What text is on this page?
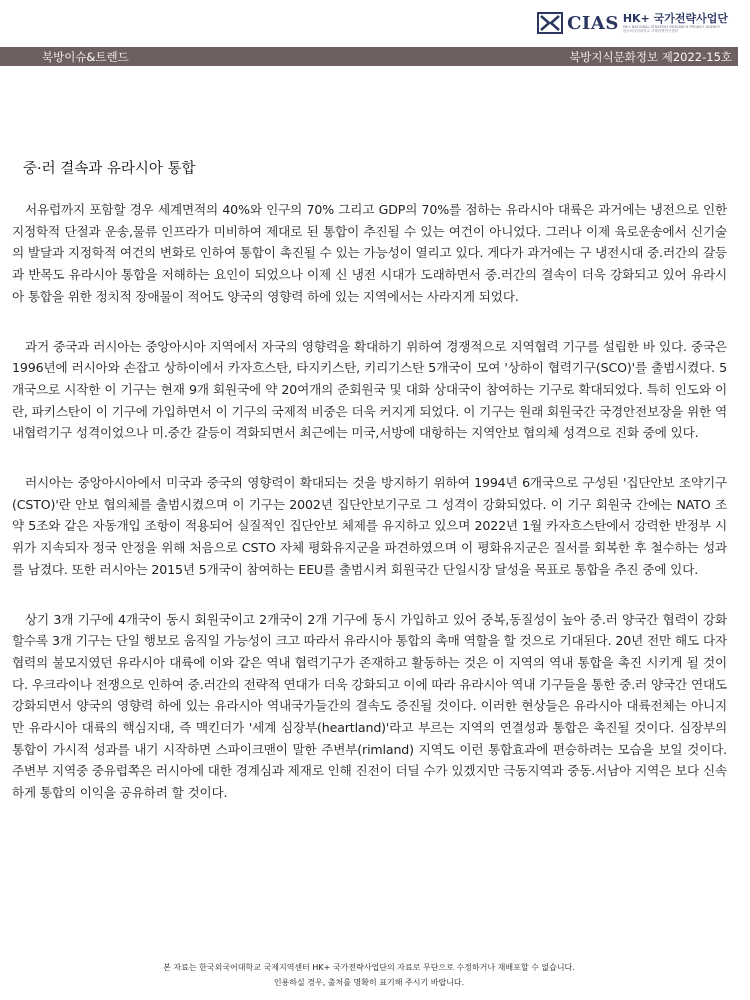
CIAS HK+ 국가전략사업단
HK+ NATIONAL STRATEGY RESEARCH PROJECT AGENCY
한국외국어대학교 국제지역연구센터
북방이슈&트렌드	북방지식문화정보 제2022-15호
중·러 결속과 유라시아 통합

서유럽까지 포함할 경우 세계면적의 40%와 인구의 70% 그리고 GDP의 70%를 점하는 유라시아 대륙은 과거에는 냉전으로 인한 지정학적 단절과 운송,물류 인프라가 미비하여 제대로 된 통합이 추진될 수 있는 여건이 아니었다. 그러나 이제 육로운송에서 신기술의 발달과 지정학적 여건의 변화로 인하여 통합이 촉진될 수 있는 가능성이 열리고 있다. 게다가 과거에는 구 냉전시대 중.러간의 갈등과 반목도 유라시아 통합을 저해하는 요인이 되었으나 이제 신 냉전 시대가 도래하면서 중.러간의 결속이 더욱 강화되고 있어 유라시아 통합을 위한 정치적 장애물이 적어도 양국의 영향력 하에 있는 지역에서는 사라지게 되었다.

과거 중국과 러시아는 중앙아시아 지역에서 자국의 영향력을 확대하기 위하여 경쟁적으로 지역협력 기구를 설립한 바 있다. 중국은 1996년에 러시아와 손잡고 상하이에서 카자흐스탄, 타지키스탄, 키리기스탄 5개국이 모여 '상하이 협력기구(SCO)'를 출범시켰다. 5개국으로 시작한 이 기구는 현재 9개 회원국에 약 20여개의 준회원국 및 대화 상대국이 참여하는 기구로 확대되었다. 특히 인도와 이란, 파키스탄이 이 기구에 가입하면서 이 기구의 국제적 비중은 더욱 커지게 되었다. 이 기구는 원래 회원국간 국경안전보장을 위한 역내협력기구 성격이었으나 미.중간 갈등이 격화되면서 최근에는 미국,서방에 대항하는 지역안보 협의체 성격으로 진화 중에 있다.

러시아는 중앙아시아에서 미국과 중국의 영향력이 확대되는 것을 방지하기 위하여 1994년 6개국으로 구성된 '집단안보 조약기구(CSTO)'란 안보 협의체를 출범시켰으며 이 기구는 2002년 집단안보기구로 그 성격이 강화되었다. 이 기구 회원국 간에는 NATO 조약 5조와 같은 자동개입 조항이 적용되어 실질적인 집단안보 체제를 유지하고 있으며 2022년 1월 카자흐스탄에서 강력한 반정부 시위가 지속되자 정국 안정을 위해 처음으로 CSTO 자체 평화유지군을 파견하였으며 이 평화유지군은 질서를 회복한 후 철수하는 성과를 남겼다. 또한 러시아는 2015년 5개국이 참여하는 EEU를 출범시켜 회원국간 단일시장 달성을 목표로 통합을 추진 중에 있다.

상기 3개 기구에 4개국이 동시 회원국이고 2개국이 2개 기구에 동시 가입하고 있어 중복,동질성이 높아 중.러 양국간 협력이 강화할수록 3개 기구는 단일 행보로 움직일 가능성이 크고 따라서 유라시아 통합의 촉매 역할을 할 것으로 기대된다. 20년 전만 해도 다자협력의 불모지였던 유라시아 대륙에 이와 같은 역내 협력기구가 존재하고 활동하는 것은 이 지역의 역내 통합을 촉진 시키게 될 것이다. 우크라이나 전쟁으로 인하여 중.러간의 전략적 연대가 더욱 강화되고 이에 따라 유라시아 역내 기구들을 통한 중.러 양국간 연대도 강화되면서 양국의 영향력 하에 있는 유라시아 역내국가들간의 결속도 증진될 것이다. 이러한 현상들은 유라시아 대륙전체는 아니지만 유라시아 대륙의 핵심지대, 즉 맥킨더가 '세계 심장부(heartland)'라고 부르는 지역의 연결성과 통합은 촉진될 것이다. 심장부의 통합이 가시적 성과를 내기 시작하면 스파이크맨이 말한 주변부(rimland) 지역도 이런 통합효과에 편승하려는 모습을 보일 것이다. 주변부 지역중 중유럽쪽은 러시아에 대한 경계심과 제재로 인해 진전이 더딜 수가 있겠지만 극동지역과 중동.서남아 지역은 보다 신속하게 통합의 이익을 공유하려 할 것이다.

본 자료는 한국외국어대학교 국제지역센터 HK+ 국가전략사업단의 자료로 무단으로 수정하거나 재배포할 수 없습니다.
인용하실 경우, 출처를 명확히 표기해 주시기 바랍니다.
